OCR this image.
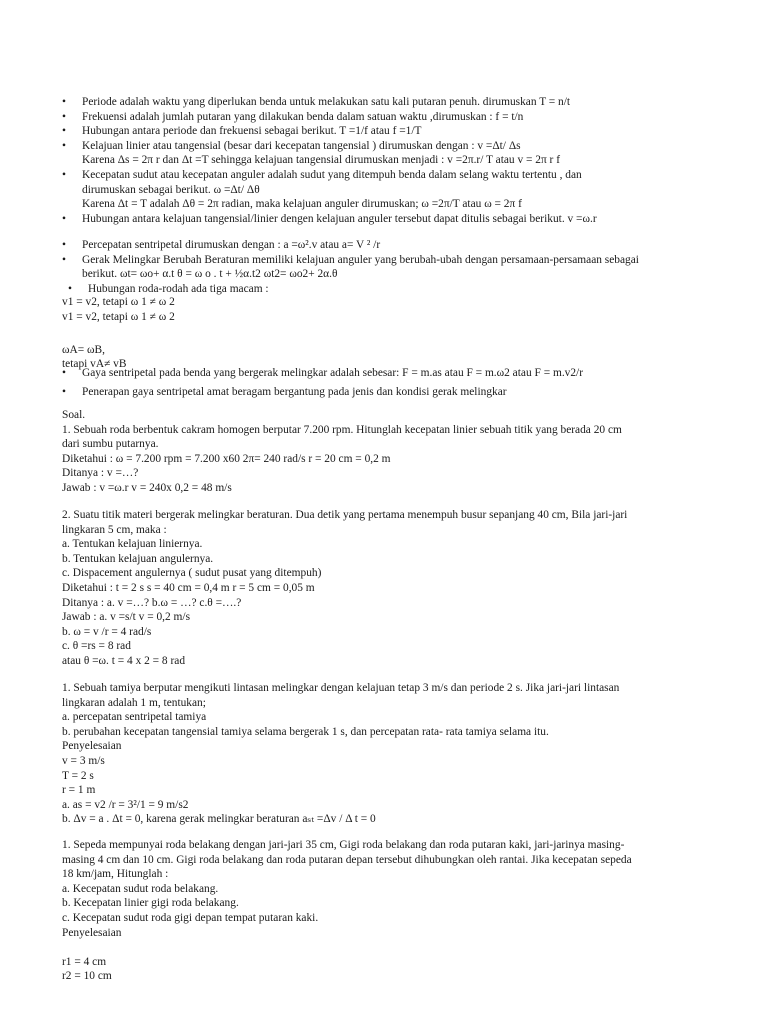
• Periode adalah waktu yang diperlukan benda untuk melakukan satu kali putaran penuh. dirumuskan T = n/t
• Frekuensi adalah jumlah putaran yang dilakukan benda dalam satuan waktu ,dirumuskan : f = t/n
• Hubungan antara periode dan frekuensi sebagai berikut. T =1/f atau f =1/T
• Kelajuan linier atau tangensial (besar dari kecepatan tangensial ) dirumuskan dengan : v =Δt/ Δs
Karena Δs = 2π r dan Δt =T sehingga kelajuan tangensial dirumuskan menjadi : v =2π.r/ T atau v = 2π r f
• Kecepatan sudut atau kecepatan anguler adalah sudut yang ditempuh benda dalam selang waktu tertentu , dan
dirumuskan sebagai berikut. ω =Δt/ Δθ
Karena Δt = T adalah Δθ = 2π radian, maka kelajuan anguler dirumuskan; ω =2π/T atau ω = 2π f
• Hubungan antara kelajuan tangensial/linier dengen kelajuan anguler tersebut dapat ditulis sebagai berikut. v =ω.r
• Percepatan sentripetal dirumuskan dengan : a =ω².v atau a= V ² /r
• Gerak Melingkar Berubah Beraturan memiliki kelajuan anguler yang berubah-ubah dengan persamaan-persamaan sebagai
berikut. ωt= ωo+ α.t θ = ω o . t + ½α.t2 ωt2= ωo2+ 2α.θ
• Hubungan roda-rodah ada tiga macam :
v1 = v2, tetapi ω 1 ≠ ω 2
v1 = v2, tetapi ω 1 ≠ ω 2

ωA= ωB,
tetapi vA≠ vB
• Gaya sentripetal pada benda yang bergerak melingkar adalah sebesar: F = m.as atau F = m.ω2 atau F = m.v2/r
• Penerapan gaya sentripetal amat beragam bergantung pada jenis dan kondisi gerak melingkar
Soal.
1. Sebuah roda berbentuk cakram homogen berputar 7.200 rpm. Hitunglah kecepatan linier sebuah titik yang berada 20 cm
dari sumbu putarnya.
Diketahui : ω = 7.200 rpm = 7.200 x60 2π= 240 rad/s r = 20 cm = 0,2 m
Ditanya : v =…?
Jawab : v =ω.r v = 240x 0,2 = 48 m/s
2. Suatu titik materi bergerak melingkar beraturan. Dua detik yang pertama menempuh busur sepanjang 40 cm, Bila jari-jari
lingkaran 5 cm, maka :
a. Tentukan kelajuan liniernya.
b. Tentukan kelajuan angulernya.
c. Dispacement angulernya ( sudut pusat yang ditempuh)
Diketahui : t = 2 s s = 40 cm = 0,4 m r = 5 cm = 0,05 m
Ditanya : a. v =…? b.ω = …? c.θ =….?
Jawab : a. v =s/t v = 0,2 m/s
b. ω = v /r = 4 rad/s
c. θ =rs = 8 rad
atau θ =ω. t = 4 x 2 = 8 rad
1. Sebuah tamiya berputar mengikuti lintasan melingkar dengan kelajuan tetap 3 m/s dan periode 2 s. Jika jari-jari lintasan
lingkaran adalah 1 m, tentukan;
a. percepatan sentripetal tamiya
b. perubahan kecepatan tangensial tamiya selama bergerak 1 s, dan percepatan rata- rata tamiya selama itu.
Penyelesaian
v = 3 m/s
T = 2 s
r = 1 m
a. as = v2 /r = 3²/1 = 9 m/s2
b. Δv = a . Δt = 0, karena gerak melingkar beraturan aₛₜ =Δv / Δ t = 0
1. Sepeda mempunyai roda belakang dengan jari-jari 35 cm, Gigi roda belakang dan roda putaran kaki, jari-jarinya masing-
masing 4 cm dan 10 cm. Gigi roda belakang dan roda putaran depan tersebut dihubungkan oleh rantai. Jika kecepatan sepeda
18 km/jam, Hitunglah :
a. Kecepatan sudut roda belakang.
b. Kecepatan linier gigi roda belakang.
c. Kecepatan sudut roda gigi depan tempat putaran kaki.
Penyelesaian

r1 = 4 cm
r2 = 10 cm
